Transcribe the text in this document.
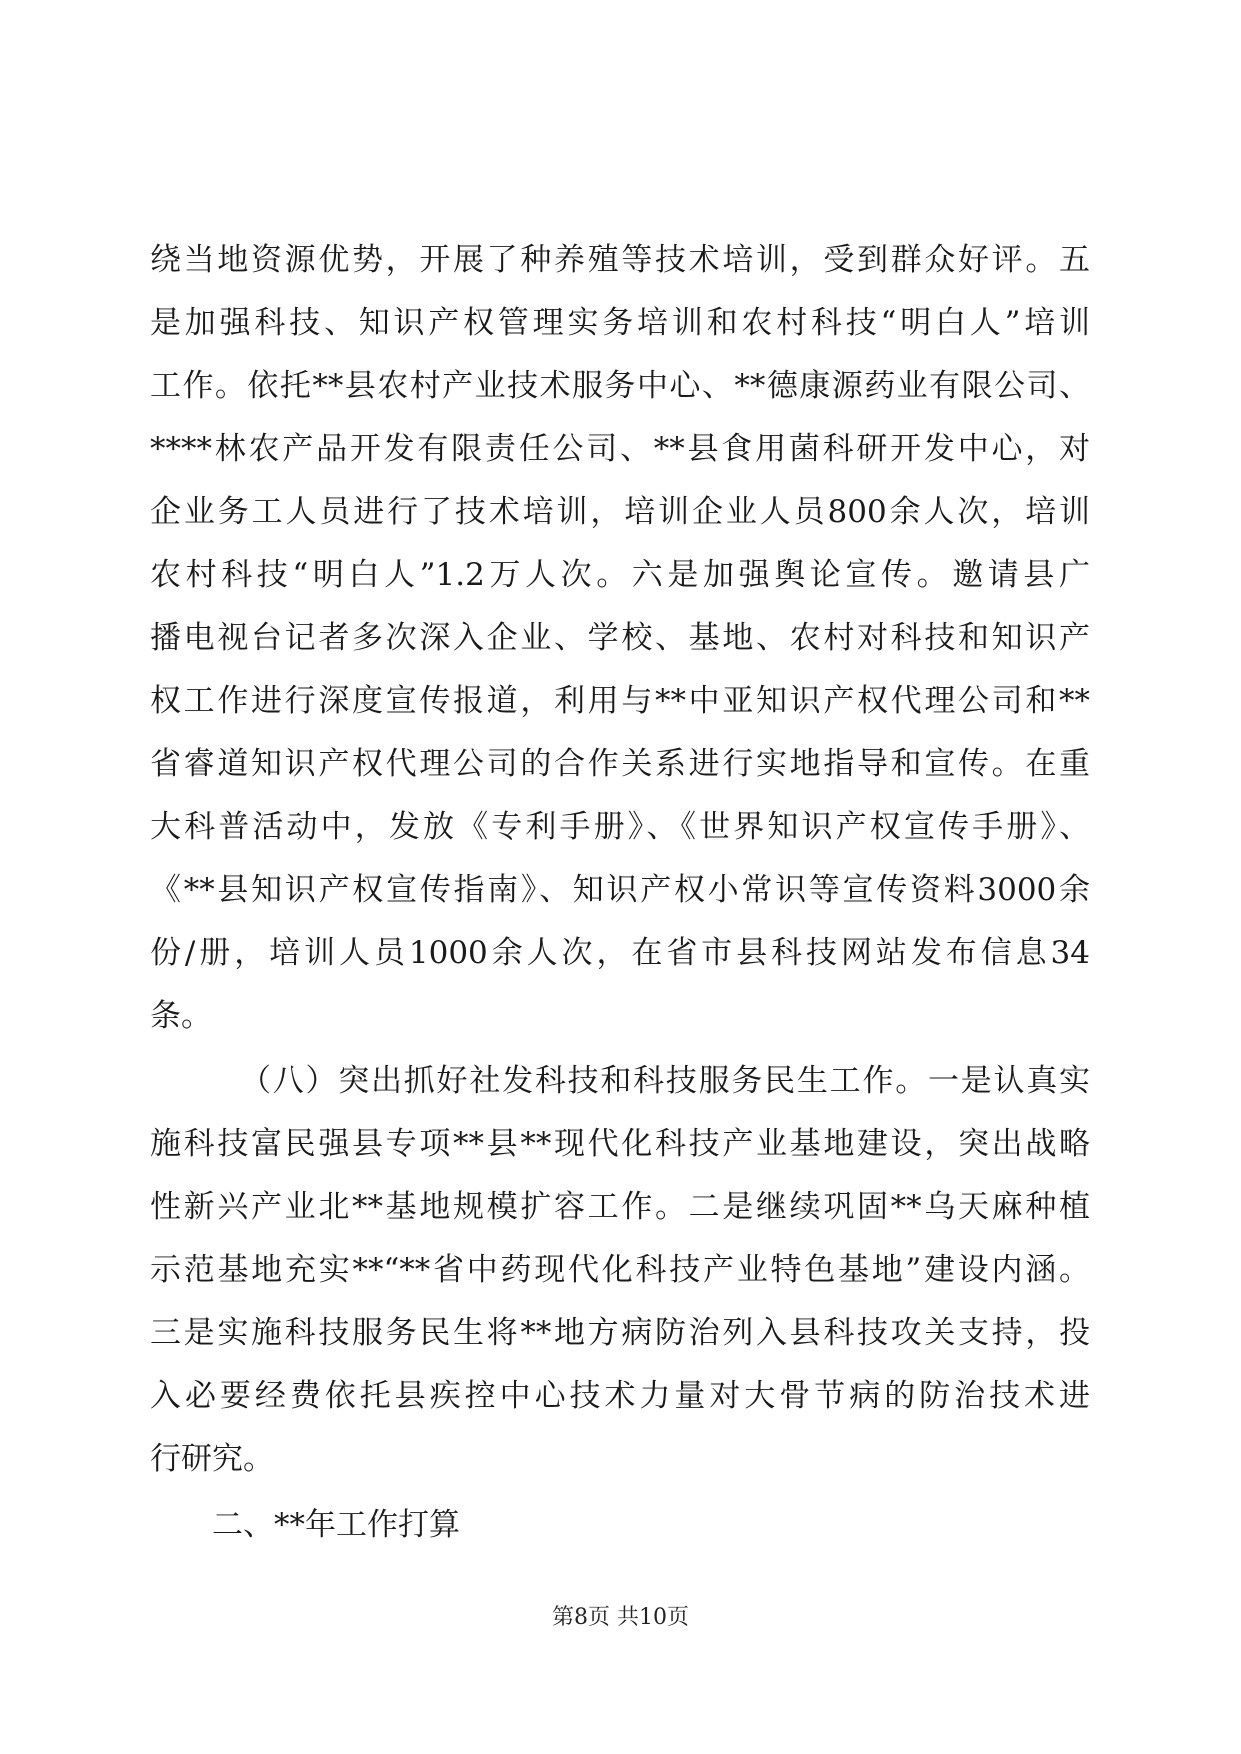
绕当地资源优势，开展了种养殖等技术培训，受到群众好评。五
是加强科技、知识产权管理实务培训和农村科技“明白人”培训
工作。依托**县农村产业技术服务中心、**德康源药业有限公司、
****林农产品开发有限责任公司、**县食用菌科研开发中心，对
企业务工人员进行了技术培训，培训企业人员800余人次，培训
农村科技“明白人”1.2万人次。六是加强舆论宣传。邀请县广
播电视台记者多次深入企业、学校、基地、农村对科技和知识产
权工作进行深度宣传报道，利用与**中亚知识产权代理公司和**
省睿道知识产权代理公司的合作关系进行实地指导和宣传。在重
大科普活动中，发放《专利手册》、《世界知识产权宣传手册》、
《**县知识产权宣传指南》、知识产权小常识等宣传资料3000余
份/册，培训人员1000余人次，在省市县科技网站发布信息34
条。
（八）突出抓好社发科技和科技服务民生工作。一是认真实
施科技富民强县专项**县**现代化科技产业基地建设，突出战略
性新兴产业北**基地规模扩容工作。二是继续巩固**乌天麻种植
示范基地充实**“**省中药现代化科技产业特色基地”建设内涵。
三是实施科技服务民生将**地方病防治列入县科技攻关支持，投
入必要经费依托县疾控中心技术力量对大骨节病的防治技术进
行研究。
二、**年工作打算
第8页 共10页
